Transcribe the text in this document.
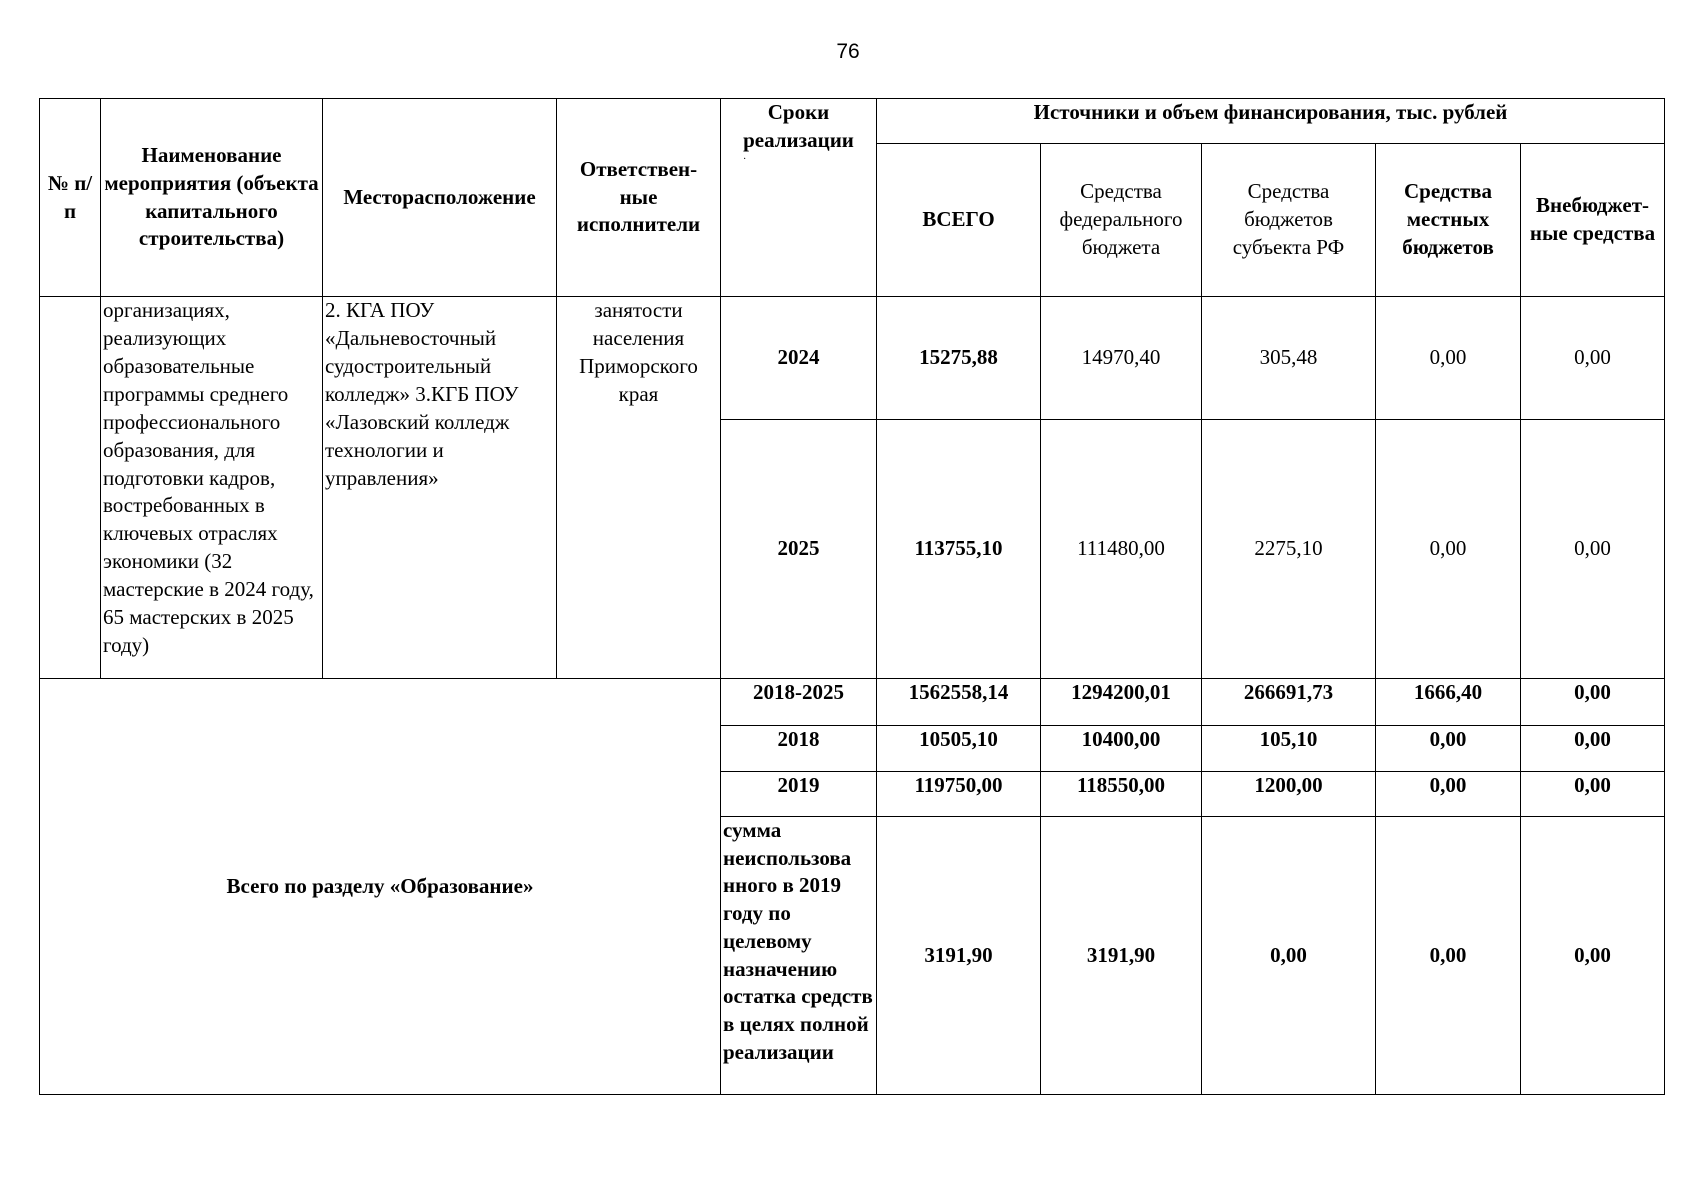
76
№ п/п	Наименование мероприятия (объекта капитального строительства)	Месторасположение	Ответствен- ные исполнители	Сроки реализации
·	Источники и объем финансирования, тыс. рублей				
					ВСЕГО	Средства федерального бюджета	Средства бюджетов субъекта РФ	Средства местных бюджетов	Внебюджет- ные средства
	организациях, реализующих образовательные программы среднего профессионального образования, для подготовки кадров, востребованных в ключевых отраслях экономики (32 мастерские в 2024 году, 65 мастерских в 2025 году)	2. КГА ПОУ «Дальневосточный судостроительный колледж» 3.КГБ ПОУ «Лазовский колледж технологии и управления»	занятости населения Приморского края	2024	15275,88	14970,40	305,48	0,00	0,00
				2025	113755,10	111480,00	2275,10	0,00	0,00
Всего по разделу «Образование»				2018-2025	1562558,14	1294200,01	266691,73	1666,40	0,00
				2018	10505,10	10400,00	105,10	0,00	0,00
				2019	119750,00	118550,00	1200,00	0,00	0,00
				сумма неиспользова нного в 2019 году по целевому назначению остатка средств в целях полной реализации	3191,90	3191,90	0,00	0,00	0,00
